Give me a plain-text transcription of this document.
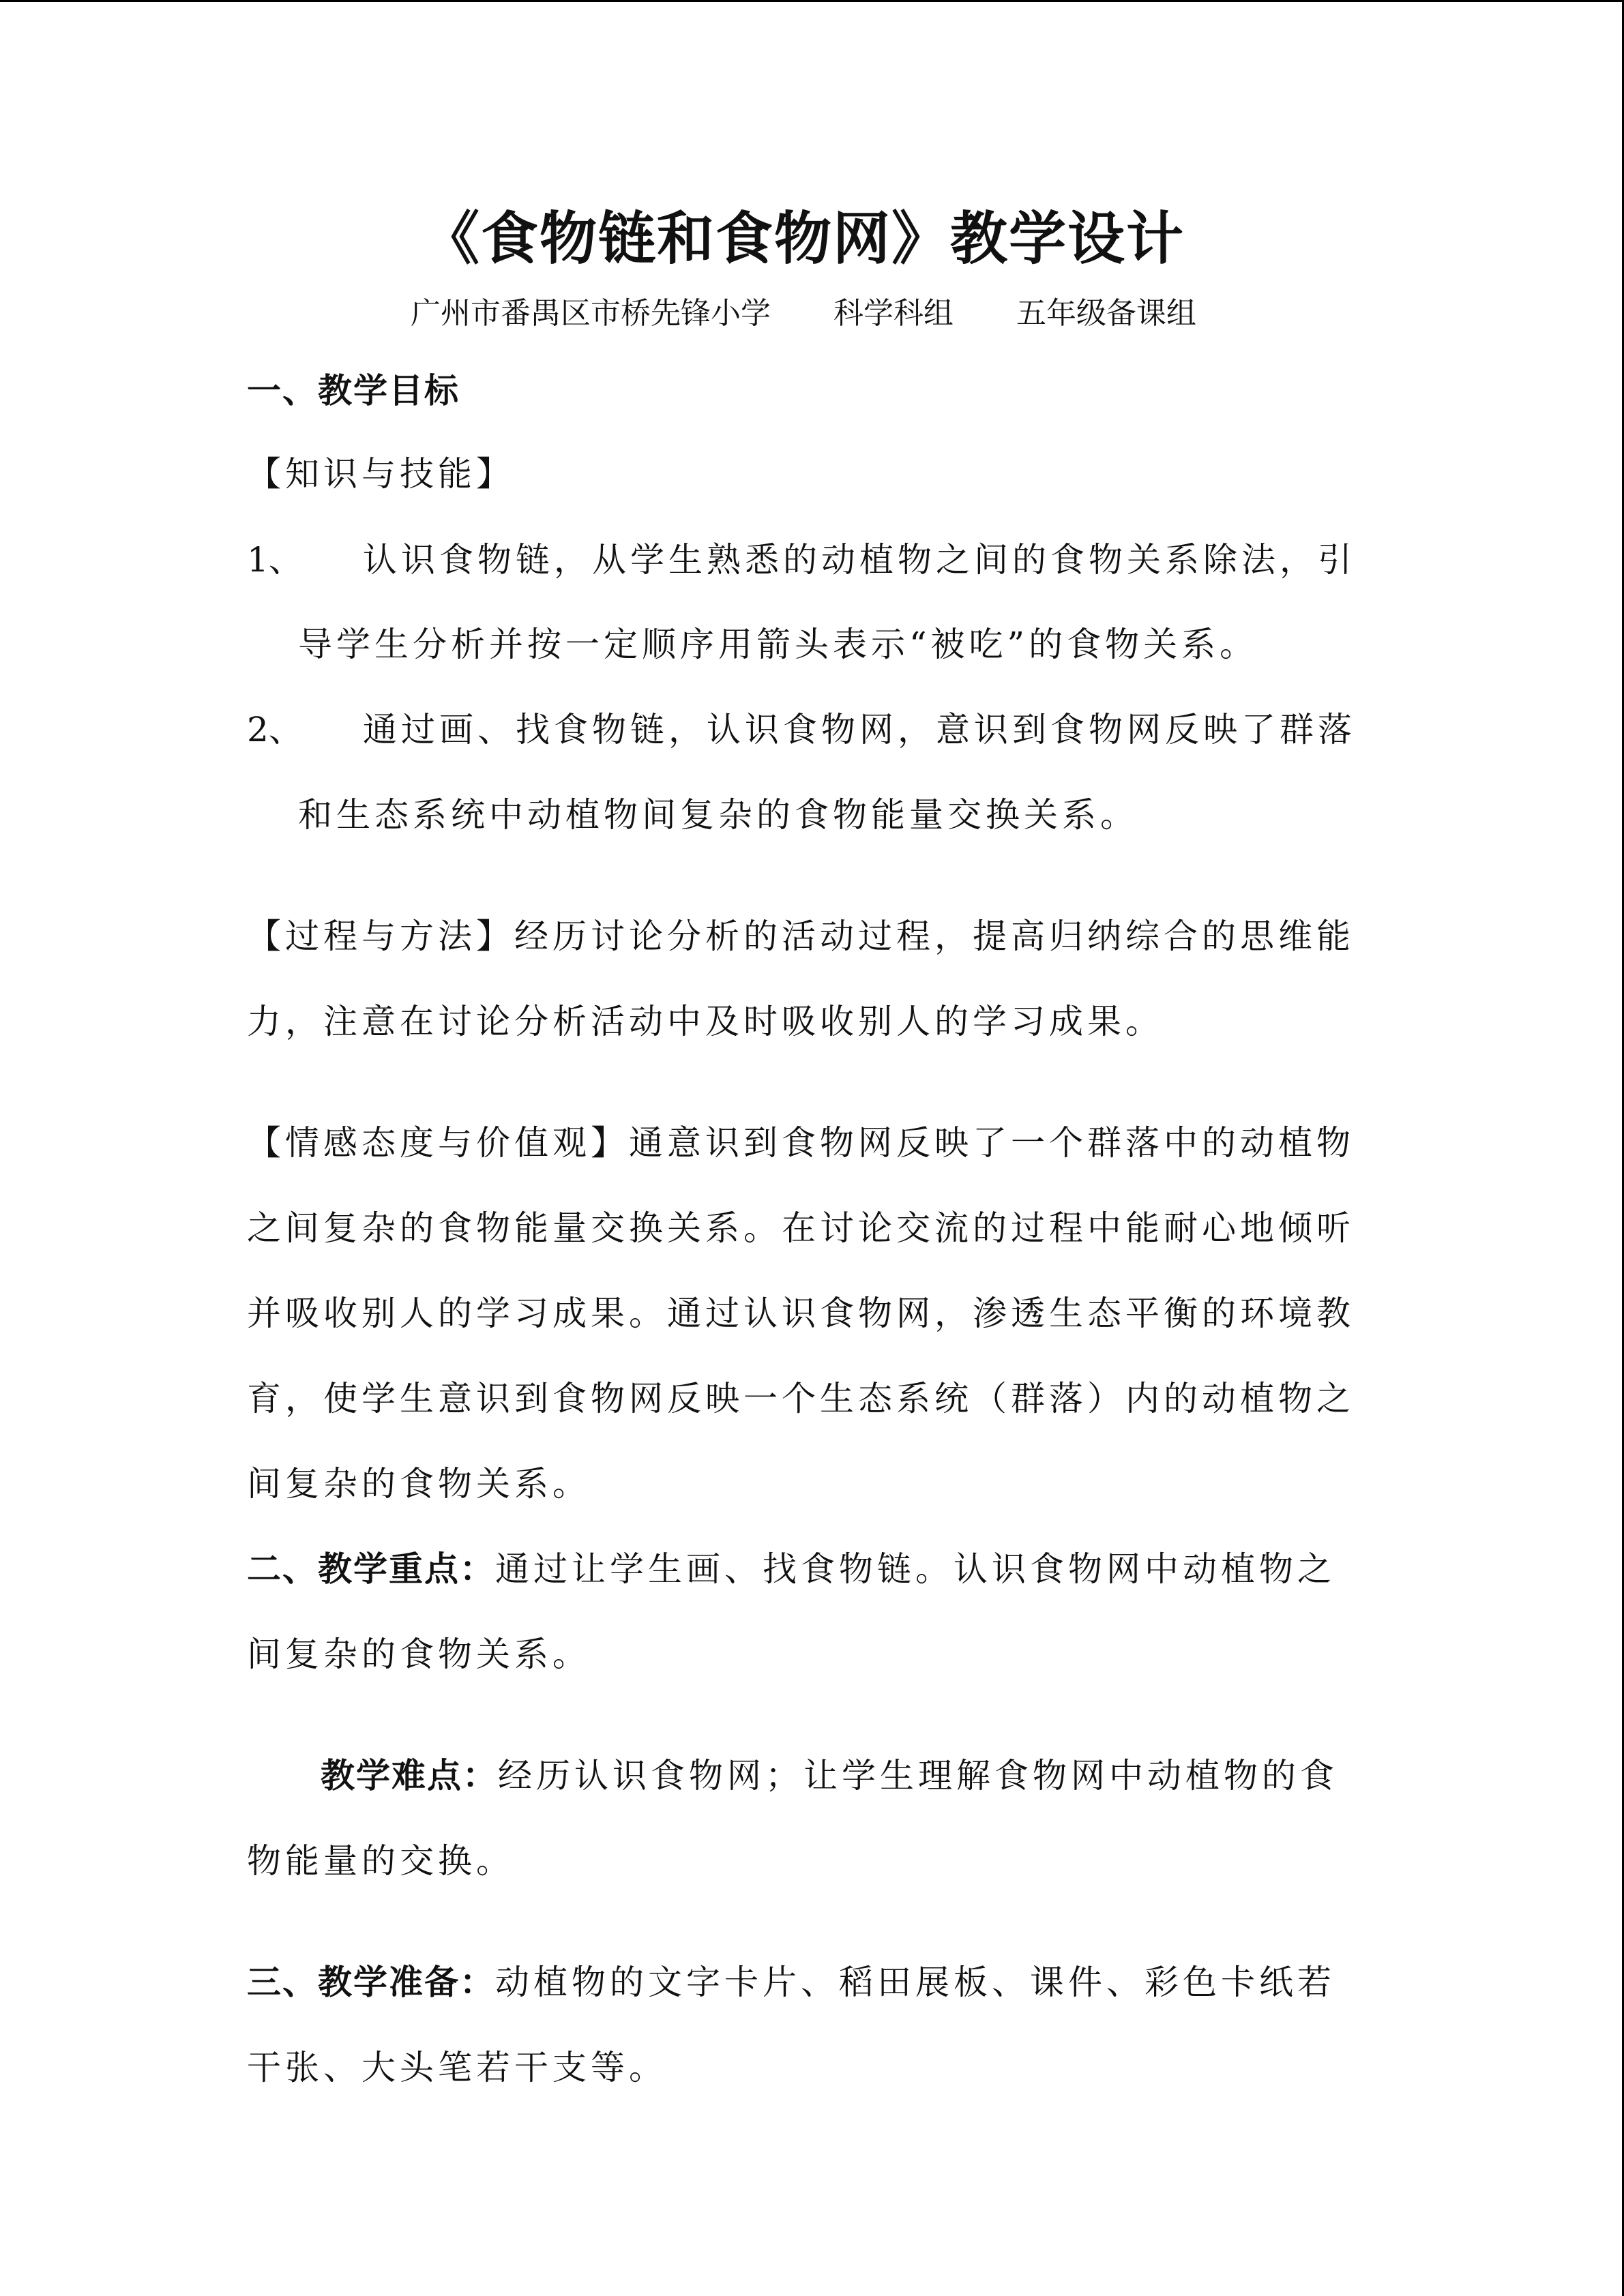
《食物链和食物网》教学设计
广州市番禺区市桥先锋小学 科学科组 五年级备课组
一、教学目标
【知识与技能】
1、 认识食物链，从学生熟悉的动植物之间的食物关系除法，引
导学生分析并按一定顺序用箭头表示“被吃”的食物关系。
2、 通过画、找食物链，认识食物网，意识到食物网反映了群落
和生态系统中动植物间复杂的食物能量交换关系。
【过程与方法】经历讨论分析的活动过程，提高归纳综合的思维能
力，注意在讨论分析活动中及时吸收别人的学习成果。
【情感态度与价值观】通意识到食物网反映了一个群落中的动植物
之间复杂的食物能量交换关系。在讨论交流的过程中能耐心地倾听
并吸收别人的学习成果。通过认识食物网，渗透生态平衡的环境教
育，使学生意识到食物网反映一个生态系统（群落）内的动植物之
间复杂的食物关系。
二、教学重点：通过让学生画、找食物链。认识食物网中动植物之
间复杂的食物关系。
教学难点：经历认识食物网；让学生理解食物网中动植物的食
物能量的交换。
三、教学准备：动植物的文字卡片、稻田展板、课件、彩色卡纸若
干张、大头笔若干支等。
